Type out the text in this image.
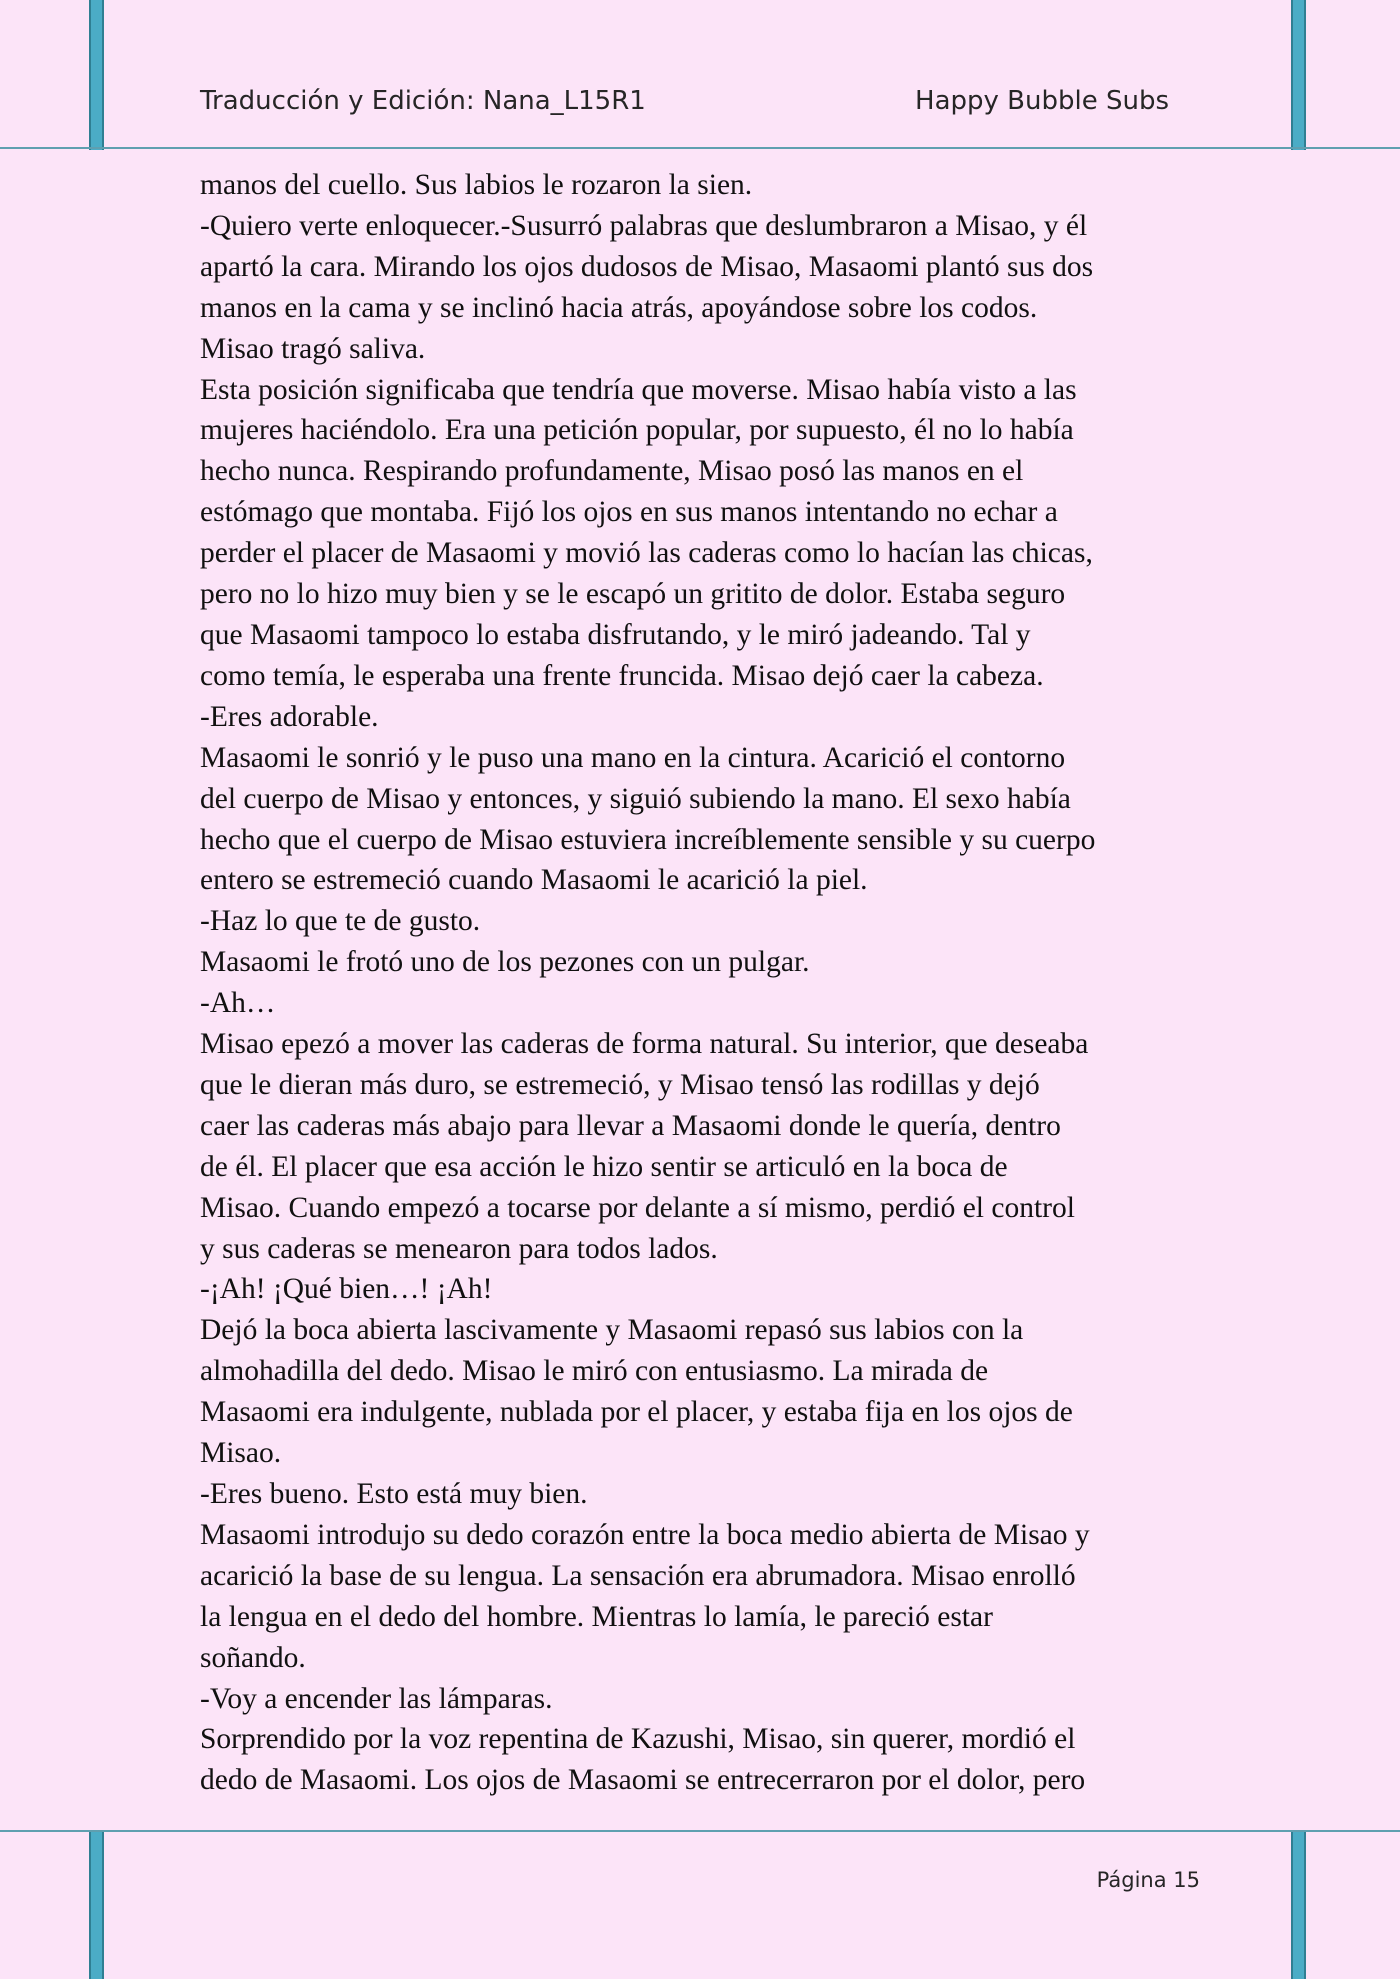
Traducción y Edición: Nana_L15R1	Happy Bubble Subs

manos del cuello. Sus labios le rozaron la sien.

-Quiero verte enloquecer.-Susurró palabras que deslumbraron a Misao, y él

apartó la cara. Mirando los ojos dudosos de Misao, Masaomi plantó sus dos

manos en la cama y se inclinó hacia atrás, apoyándose sobre los codos.

Misao tragó saliva.

Esta posición significaba que tendría que moverse. Misao había visto a las

mujeres haciéndolo. Era una petición popular, por supuesto, él no lo había

hecho nunca. Respirando profundamente, Misao posó las manos en el

estómago que montaba. Fijó los ojos en sus manos intentando no echar a

perder el placer de Masaomi y movió las caderas como lo hacían las chicas,

pero no lo hizo muy bien y se le escapó un gritito de dolor. Estaba seguro

que Masaomi tampoco lo estaba disfrutando, y le miró jadeando. Tal y

como temía, le esperaba una frente fruncida. Misao dejó caer la cabeza.

-Eres adorable.

Masaomi le sonrió y le puso una mano en la cintura. Acarició el contorno

del cuerpo de Misao y entonces, y siguió subiendo la mano. El sexo había

hecho que el cuerpo de Misao estuviera increíblemente sensible y su cuerpo

entero se estremeció cuando Masaomi le acarició la piel.

-Haz lo que te de gusto.

Masaomi le frotó uno de los pezones con un pulgar.

-Ah…

Misao epezó a mover las caderas de forma natural. Su interior, que deseaba

que le dieran más duro, se estremeció, y Misao tensó las rodillas y dejó

caer las caderas más abajo para llevar a Masaomi donde le quería, dentro

de él. El placer que esa acción le hizo sentir se articuló en la boca de

Misao. Cuando empezó a tocarse por delante a sí mismo, perdió el control

y sus caderas se menearon para todos lados.

-¡Ah! ¡Qué bien…! ¡Ah!

Dejó la boca abierta lascivamente y Masaomi repasó sus labios con la

almohadilla del dedo. Misao le miró con entusiasmo. La mirada de

Masaomi era indulgente, nublada por el placer, y estaba fija en los ojos de

Misao.

-Eres bueno. Esto está muy bien.

Masaomi introdujo su dedo corazón entre la boca medio abierta de Misao y

acarició la base de su lengua. La sensación era abrumadora. Misao enrolló

la lengua en el dedo del hombre. Mientras lo lamía, le pareció estar

soñando.

-Voy a encender las lámparas.

Sorprendido por la voz repentina de Kazushi, Misao, sin querer, mordió el

dedo de Masaomi. Los ojos de Masaomi se entrecerraron por el dolor, pero

Página 15
